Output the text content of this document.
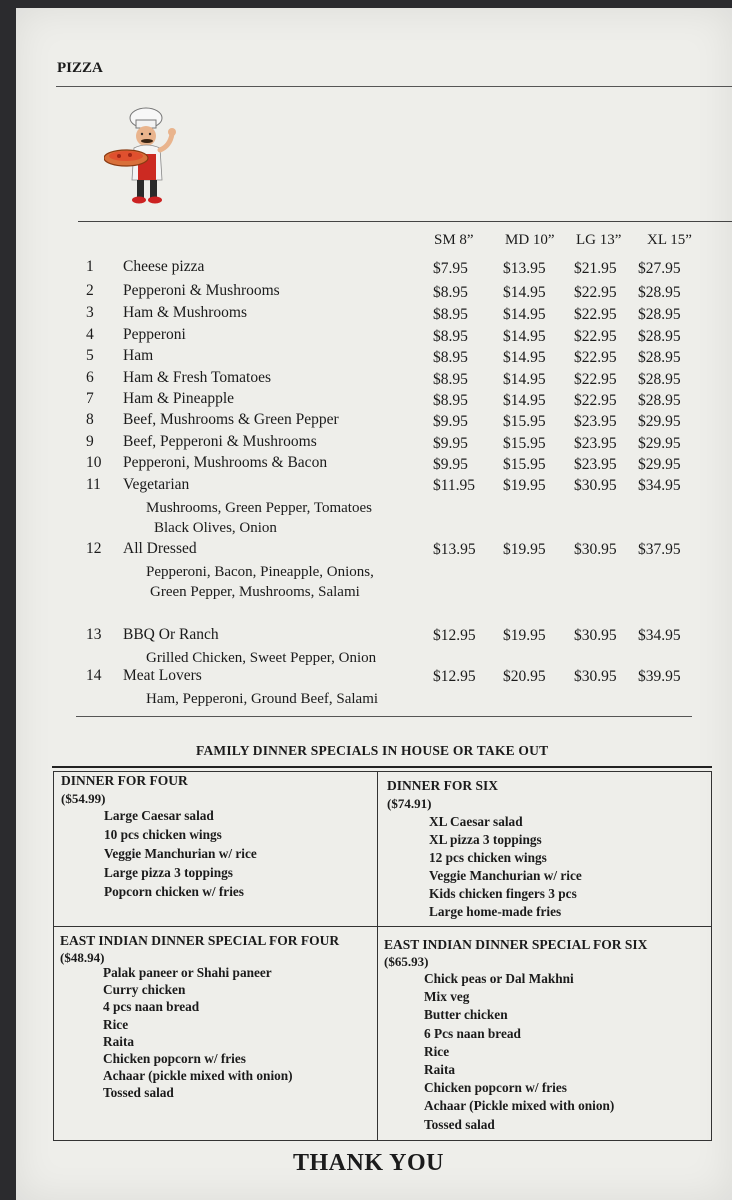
PIZZA
SM 8” MD 10” LG 13” XL 15”
1	Cheese pizza	$7.95 $13.95 $21.95 $27.95
2	Pepperoni & Mushrooms	$8.95 $14.95 $22.95 $28.95
3	Ham & Mushrooms	$8.95 $14.95 $22.95 $28.95
4	Pepperoni	$8.95 $14.95 $22.95 $28.95
5	Ham	$8.95 $14.95 $22.95 $28.95
6	Ham & Fresh Tomatoes	$8.95 $14.95 $22.95 $28.95
7	Ham & Pineapple	$8.95 $14.95 $22.95 $28.95
8	Beef, Mushrooms & Green Pepper	$9.95 $15.95 $23.95 $29.95
9	Beef, Pepperoni & Mushrooms	$9.95 $15.95 $23.95 $29.95
10	Pepperoni, Mushrooms & Bacon	$9.95 $15.95 $23.95 $29.95
11	Vegetarian	$11.95 $19.95 $30.95 $34.95
Mushrooms, Green Pepper, Tomatoes
Black Olives, Onion
12	All Dressed	$13.95 $19.95 $30.95 $37.95
Pepperoni, Bacon, Pineapple, Onions,
Green Pepper, Mushrooms, Salami
13	BBQ Or Ranch	$12.95 $19.95 $30.95 $34.95
Grilled Chicken, Sweet Pepper, Onion
14	Meat Lovers	$12.95 $20.95 $30.95 $39.95
Ham, Pepperoni, Ground Beef, Salami
FAMILY DINNER SPECIALS IN HOUSE OR TAKE OUT
DINNER FOR FOUR
($54.99)
Large Caesar salad
10 pcs chicken wings
Veggie Manchurian w/ rice
Large pizza 3 toppings
Popcorn chicken w/ fries
DINNER FOR SIX
($74.91)
XL Caesar salad
XL pizza 3 toppings
12 pcs chicken wings
Veggie Manchurian w/ rice
Kids chicken fingers 3 pcs
Large home-made fries
EAST INDIAN DINNER SPECIAL FOR FOUR
($48.94)
Palak paneer or Shahi paneer
Curry chicken
4 pcs naan bread
Rice
Raita
Chicken popcorn w/ fries
Achaar (pickle mixed with onion)
Tossed salad
EAST INDIAN DINNER SPECIAL FOR SIX
($65.93)
Chick peas or Dal Makhni
Mix veg
Butter chicken
6 Pcs naan bread
Rice
Raita
Chicken popcorn w/ fries
Achaar (Pickle mixed with onion)
Tossed salad
THANK YOU
